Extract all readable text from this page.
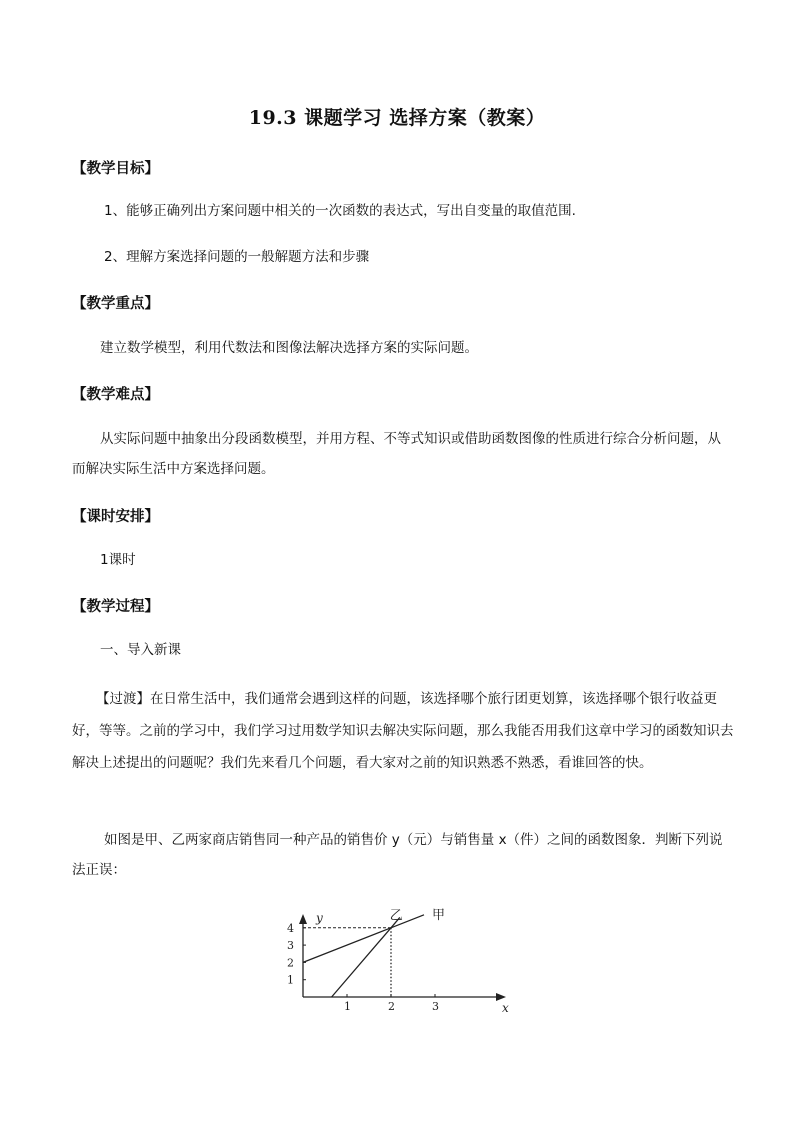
19.3 课题学习 选择方案（教案）
【教学目标】
1、能够正确列出方案问题中相关的一次函数的表达式，写出自变量的取值范围.
2、理解方案选择问题的一般解题方法和步骤
【教学重点】
建立数学模型，利用代数法和图像法解决选择方案的实际问题。
【教学难点】
从实际问题中抽象出分段函数模型，并用方程、不等式知识或借助函数图像的性质进行综合分析问题，从而解决实际生活中方案选择问题。
【课时安排】
1课时
【教学过程】
一、导入新课
【过渡】在日常生活中，我们通常会遇到这样的问题，该选择哪个旅行团更划算，该选择哪个银行收益更好，等等。之前的学习中，我们学习过用数学知识去解决实际问题，那么我能否用我们这章中学习的函数知识去解决上述提出的问题呢？我们先来看几个问题，看大家对之前的知识熟悉不熟悉，看谁回答的快。
如图是甲、乙两家商店销售同一种产品的销售价 y（元）与销售量 x（件）之间的函数图象．判断下列说法正误：
x
y
1	2	3
1
2
3
4
甲
乙
